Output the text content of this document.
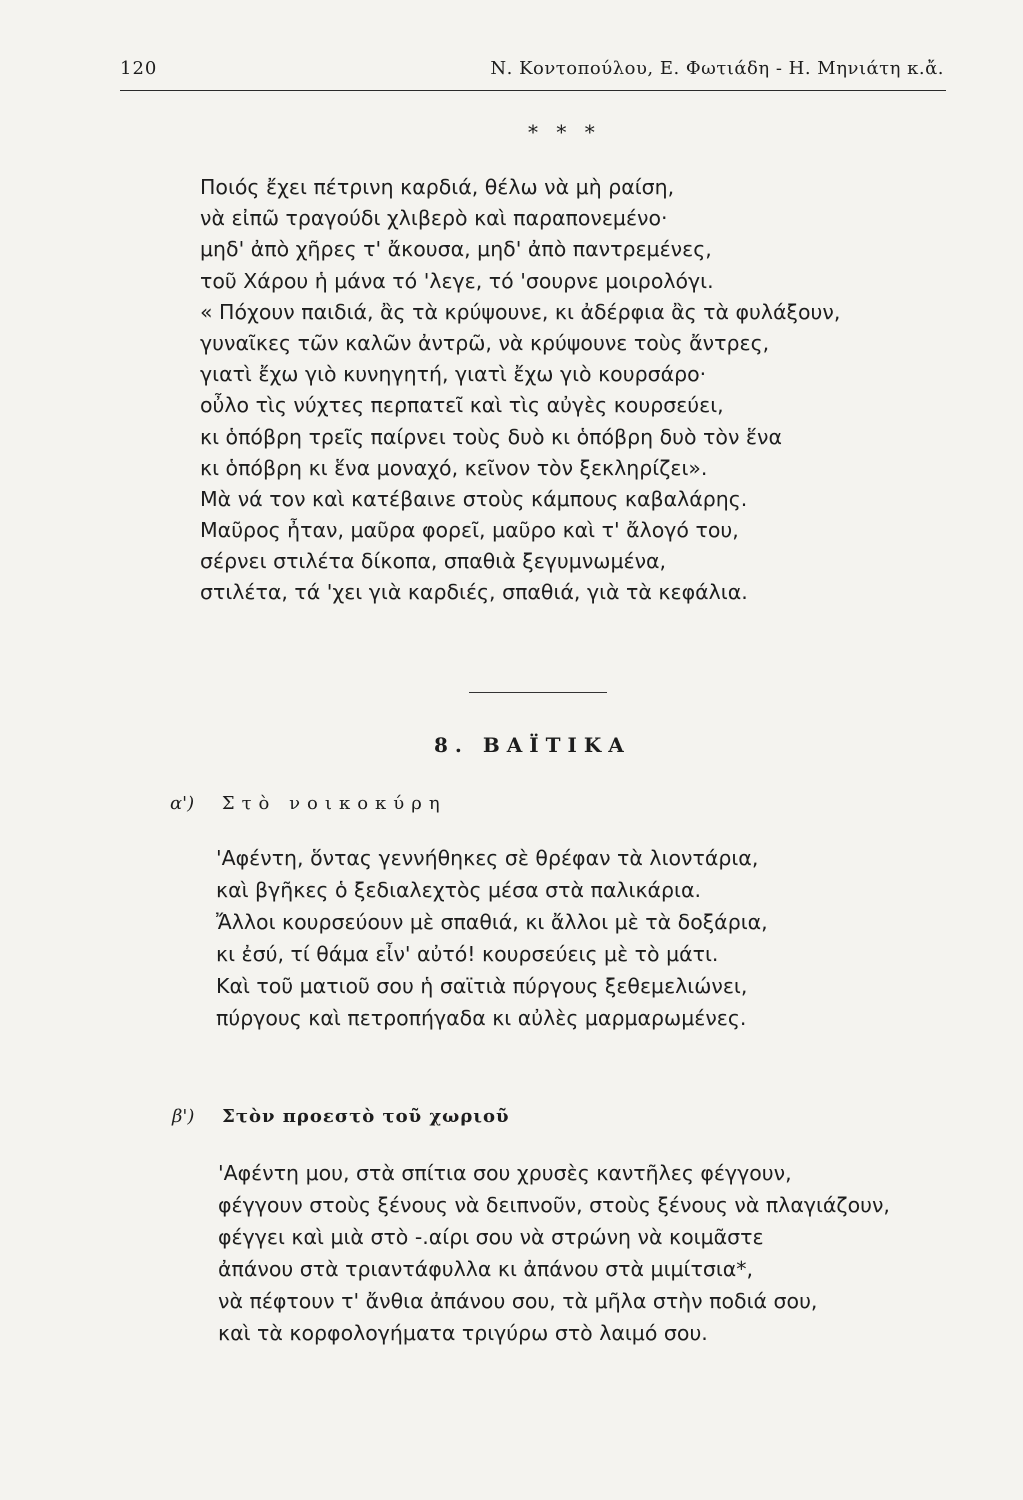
120	Ν. Κοντοπούλου, Ε. Φωτιάδη - Η. Μηνιάτη κ.ἄ.
* * *
Ποιός ἔχει πέτρινη καρδιά, θέλω νὰ μὴ ραίση,
νὰ εἰπῶ τραγούδι χλιβερὸ καὶ παραπονεμένο·
μηδ' ἀπὸ χῆρες τ' ἄκουσα, μηδ' ἀπὸ παντρεμένες,
τοῦ Χάρου ἡ μάνα τό 'λεγε, τό 'σουρνε μοιρολόγι.
« Πόχουν παιδιά, ἂς τὰ κρύψουνε, κι ἀδέρφια ἂς τὰ φυλάξουν,
γυναῖκες τῶν καλῶν ἀντρῶ, νὰ κρύψουνε τοὺς ἄντρες,
γιατὶ ἔχω γιὸ κυνηγητή, γιατὶ ἔχω γιὸ κουρσάρο·
οὖλο τὶς νύχτες περπατεῖ καὶ τὶς αὐγὲς κουρσεύει,
κι ὁπόβρη τρεῖς παίρνει τοὺς δυὸ κι ὁπόβρη δυὸ τὸν ἕνα
κι ὁπόβρη κι ἕνα μοναχό, κεῖνον τὸν ξεκληρίζει».
Μὰ νά τον καὶ κατέβαινε στοὺς κάμπους καβαλάρης.
Μαῦρος ἦταν, μαῦρα φορεῖ, μαῦρο καὶ τ' ἄλογό του,
σέρνει στιλέτα δίκοπα, σπαθιὰ ξεγυμνωμένα,
στιλέτα, τά 'χει γιὰ καρδιές, σπαθιά, γιὰ τὰ κεφάλια.
8. ΒΑΪΤΙΚΑ
α') Στὸ νοικοκύρη
'Αφέντη, ὅντας γεννήθηκες σὲ θρέφαν τὰ λιοντάρια,
καὶ βγῆκες ὁ ξεδιαλεχτὸς μέσα στὰ παλικάρια.
Ἄλλοι κουρσεύουν μὲ σπαθιά, κι ἄλλοι μὲ τὰ δοξάρια,
κι ἐσύ, τί θάμα εἶν' αὐτό! κουρσεύεις μὲ τὸ μάτι.
Καὶ τοῦ ματιοῦ σου ἡ σαϊτιὰ πύργους ξεθεμελιώνει,
πύργους καὶ πετροπήγαδα κι αὐλὲς μαρμαρωμένες.
β') Στὸν προεστὸ τοῦ χωριοῦ
'Αφέντη μου, στὰ σπίτια σου χρυσὲς καντῆλες φέγγουν,
φέγγουν στοὺς ξένους νὰ δειπνοῦν, στοὺς ξένους νὰ πλαγιάζουν,
φέγγει καὶ μιὰ στὸ -.αίρι σου νὰ στρώνη νὰ κοιμᾶστε
ἀπάνου στὰ τριαντάφυλλα κι ἀπάνου στὰ μιμίτσια*,
νὰ πέφτουν τ' ἄνθια ἀπάνου σου, τὰ μῆλα στὴν ποδιά σου,
καὶ τὰ κορφολογήματα τριγύρω στὸ λαιμό σου.
